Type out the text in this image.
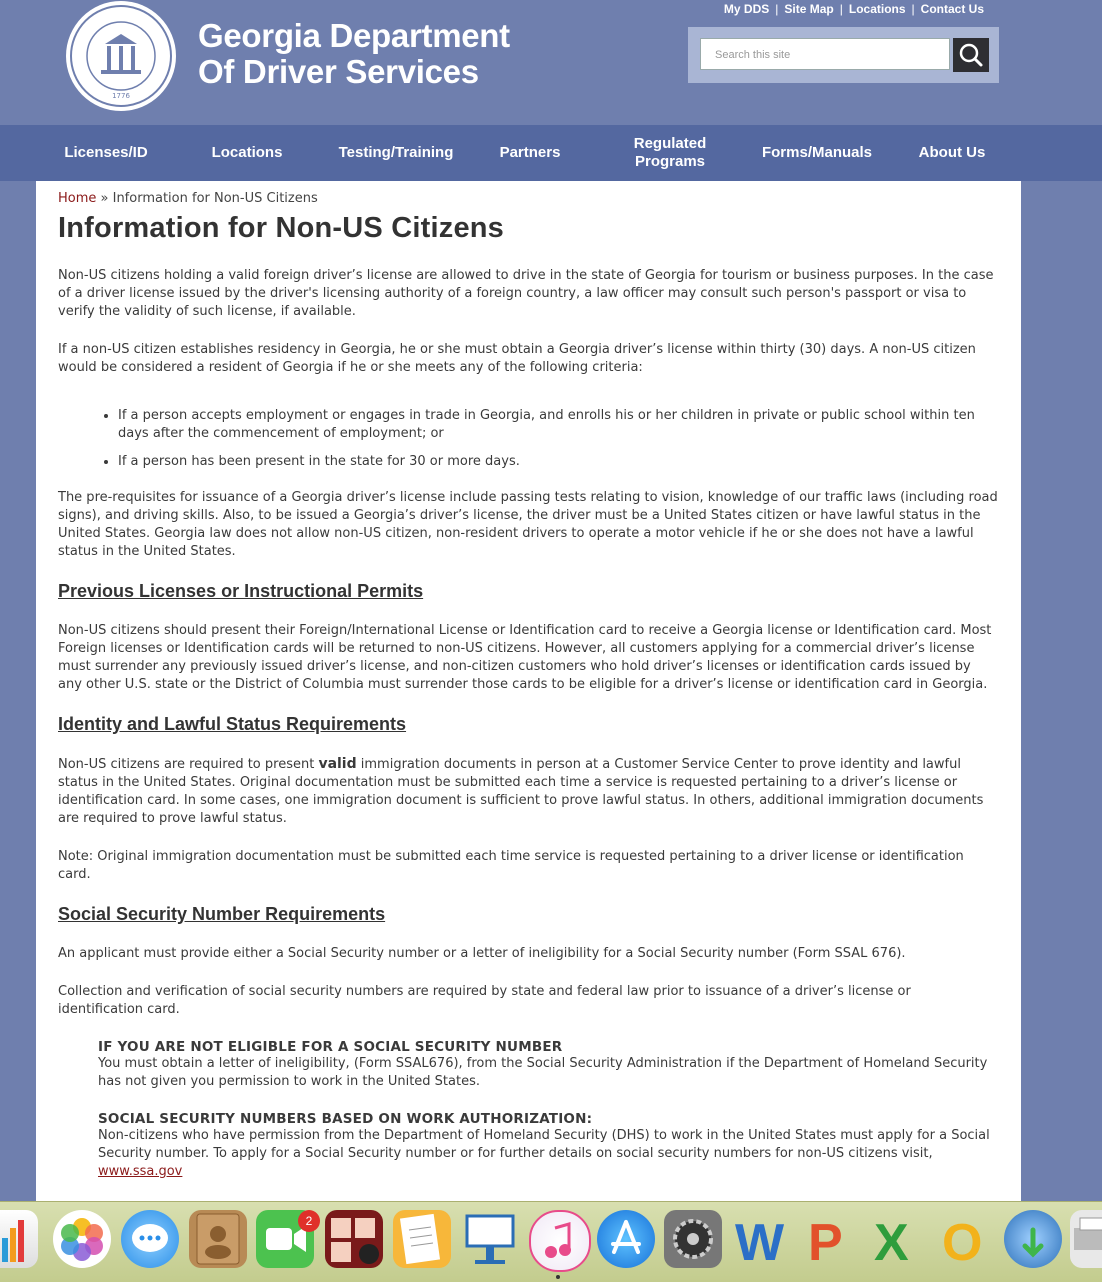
1776
Georgia Department
Of Driver Services
My DDS | Site Map | Locations | Contact Us
Search this site
Licenses/ID	Locations	Testing/Training	Partners
Regulated Programs
Forms/Manuals	About Us
Home » Information for Non-US Citizens
Information for Non-US Citizens

Non-US citizens holding a valid foreign driver’s license are allowed to drive in the state of Georgia for tourism or business purposes. In the case of a driver license issued by the driver's licensing authority of a foreign country, a law officer may consult such person's passport or visa to verify the validity of such license, if available.

If a non-US citizen establishes residency in Georgia, he or she must obtain a Georgia driver’s license within thirty (30) days. A non-US citizen would be considered a resident of Georgia if he or she meets any of the following criteria:

• If a person accepts employment or engages in trade in Georgia, and enrolls his or her children in private or public school within ten days after the commencement of employment; or
• If a person has been present in the state for 30 or more days.

The pre-requisites for issuance of a Georgia driver’s license include passing tests relating to vision, knowledge of our traffic laws (including road signs), and driving skills. Also, to be issued a Georgia’s driver’s license, the driver must be a United States citizen or have lawful status in the United States. Georgia law does not allow non-US citizen, non-resident drivers to operate a motor vehicle if he or she does not have a lawful status in the United States.

Previous Licenses or Instructional Permits

Non-US citizens should present their Foreign/International License or Identification card to receive a Georgia license or Identification card. Most Foreign licenses or Identification cards will be returned to non-US citizens. However, all customers applying for a commercial driver’s license must surrender any previously issued driver’s license, and non-citizen customers who hold driver’s licenses or identification cards issued by any other U.S. state or the District of Columbia must surrender those cards to be eligible for a driver’s license or identification card in Georgia.

Identity and Lawful Status Requirements

Non-US citizens are required to present valid immigration documents in person at a Customer Service Center to prove identity and lawful status in the United States. Original documentation must be submitted each time a service is requested pertaining to a driver’s license or identification card. In some cases, one immigration document is sufficient to prove lawful status. In others, additional immigration documents are required to prove lawful status.

Note: Original immigration documentation must be submitted each time service is requested pertaining to a driver license or identification card.

Social Security Number Requirements

An applicant must provide either a Social Security number or a letter of ineligibility for a Social Security number (Form SSAL 676).

Collection and verification of social security numbers are required by state and federal law prior to issuance of a driver’s license or identification card.

IF YOU ARE NOT ELIGIBLE FOR A SOCIAL SECURITY NUMBER

You must obtain a letter of ineligibility, (Form SSAL676), from the Social Security Administration if the Department of Homeland Security has not given you permission to work in the United States.

SOCIAL SECURITY NUMBERS BASED ON WORK AUTHORIZATION:

Non-citizens who have permission from the Department of Homeland Security (DHS) to work in the United States must apply for a Social Security number. To apply for a Social Security number or for further details on social security numbers for non-US citizens visit, www.ssa.gov

2	W P X O
